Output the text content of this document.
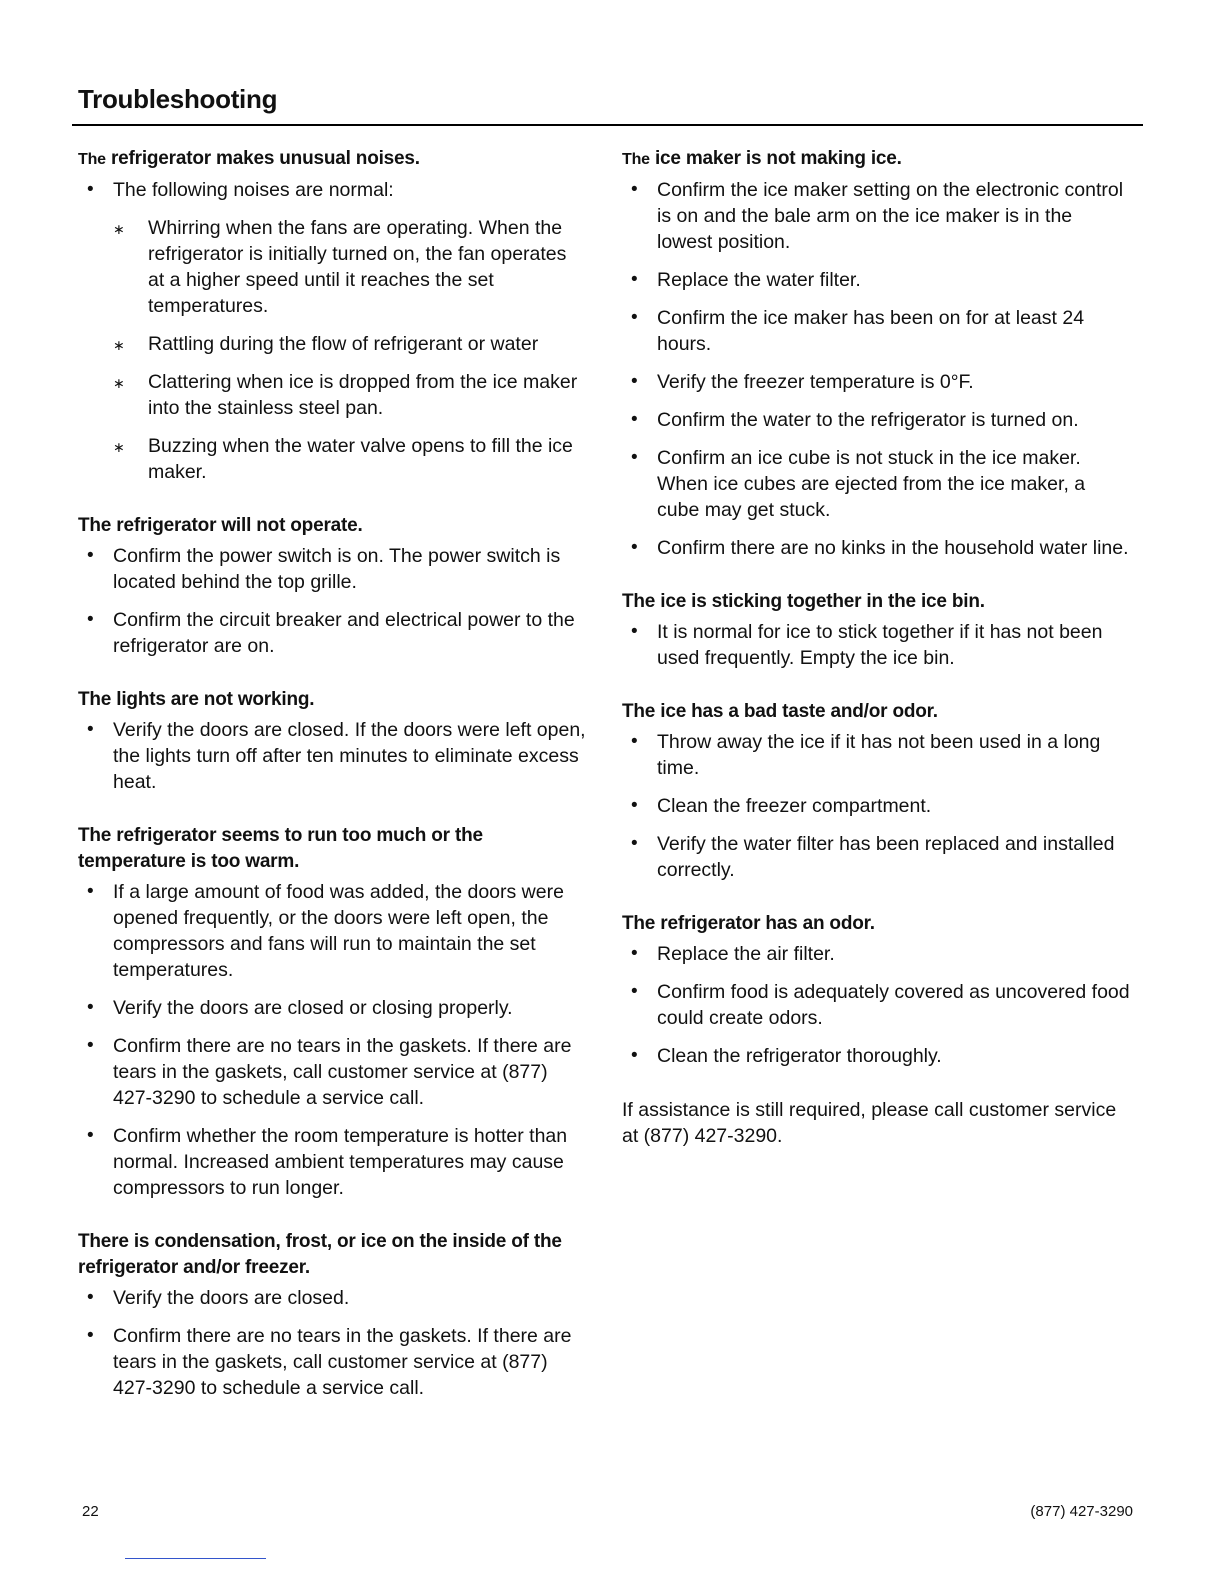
Troubleshooting
The refrigerator makes unusual noises.
• The following noises are normal:
∗ Whirring when the fans are operating. When the refrigerator is initially turned on, the fan operates at a higher speed until it reaches the set temperatures.
∗ Rattling during the flow of refrigerant or water
∗ Clattering when ice is dropped from the ice maker into the stainless steel pan.
∗ Buzzing when the water valve opens to fill the ice maker.
The refrigerator will not operate.
• Confirm the power switch is on. The power switch is located behind the top grille.
• Confirm the circuit breaker and electrical power to the refrigerator are on.
The lights are not working.
• Verify the doors are closed. If the doors were left open, the lights turn off after ten minutes to eliminate excess heat.
The refrigerator seems to run too much or the temperature is too warm.
• If a large amount of food was added, the doors were opened frequently, or the doors were left open, the compressors and fans will run to maintain the set temperatures.
• Verify the doors are closed or closing properly.
• Confirm there are no tears in the gaskets. If there are tears in the gaskets, call customer service at (877) 427-3290 to schedule a service call.
• Confirm whether the room temperature is hotter than normal. Increased ambient temperatures may cause compressors to run longer.
There is condensation, frost, or ice on the inside of the refrigerator and/or freezer.
• Verify the doors are closed.
• Confirm there are no tears in the gaskets. If there are tears in the gaskets, call customer service at (877) 427-3290 to schedule a service call.
The ice maker is not making ice.
• Confirm the ice maker setting on the electronic control is on and the bale arm on the ice maker is in the lowest position.
• Replace the water filter.
• Confirm the ice maker has been on for at least 24 hours.
• Verify the freezer temperature is 0°F.
• Confirm the water to the refrigerator is turned on.
• Confirm an ice cube is not stuck in the ice maker. When ice cubes are ejected from the ice maker, a cube may get stuck.
• Confirm there are no kinks in the household water line.
The ice is sticking together in the ice bin.
• It is normal for ice to stick together if it has not been used frequently. Empty the ice bin.
The ice has a bad taste and/or odor.
• Throw away the ice if it has not been used in a long time.
• Clean the freezer compartment.
• Verify the water filter has been replaced and installed correctly.
The refrigerator has an odor.
• Replace the air filter.
• Confirm food is adequately covered as uncovered food could create odors.
• Clean the refrigerator thoroughly.

If assistance is still required, please call customer service at (877) 427-3290.

22	(877) 427-3290
